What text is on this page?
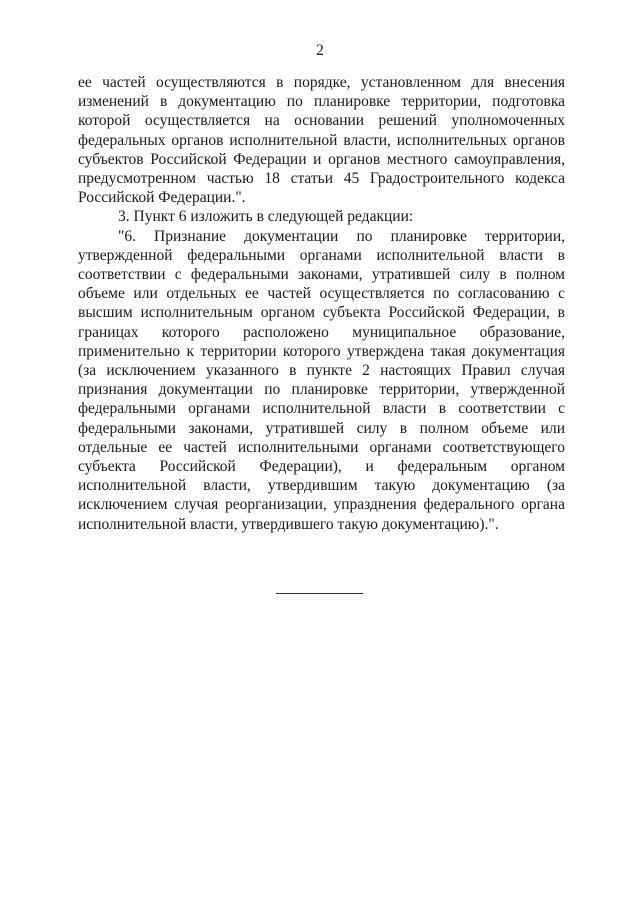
2

ее частей осуществляются в порядке, установленном для внесения изменений в документацию по планировке территории, подготовка которой осуществляется на основании решений уполномоченных федеральных органов исполнительной власти, исполнительных органов субъектов Российской Федерации и органов местного самоуправления, предусмотренном частью 18 статьи 45 Градостроительного кодекса Российской Федерации.".

3. Пункт 6 изложить в следующей редакции:

"6. Признание документации по планировке территории, утвержденной федеральными органами исполнительной власти в соответствии с федеральными законами, утратившей силу в полном объеме или отдельных ее частей осуществляется по согласованию с высшим исполнительным органом субъекта Российской Федерации, в границах которого расположено муниципальное образование, применительно к территории которого утверждена такая документация (за исключением указанного в пункте 2 настоящих Правил случая признания документации по планировке территории, утвержденной федеральными органами исполнительной власти в соответствии с федеральными законами, утратившей силу в полном объеме или отдельные ее частей исполнительными органами соответствующего субъекта Российской Федерации), и федеральным органом исполнительной власти, утвердившим такую документацию (за исключением случая реорганизации, упразднения федерального органа исполнительной власти, утвердившего такую документацию).".
